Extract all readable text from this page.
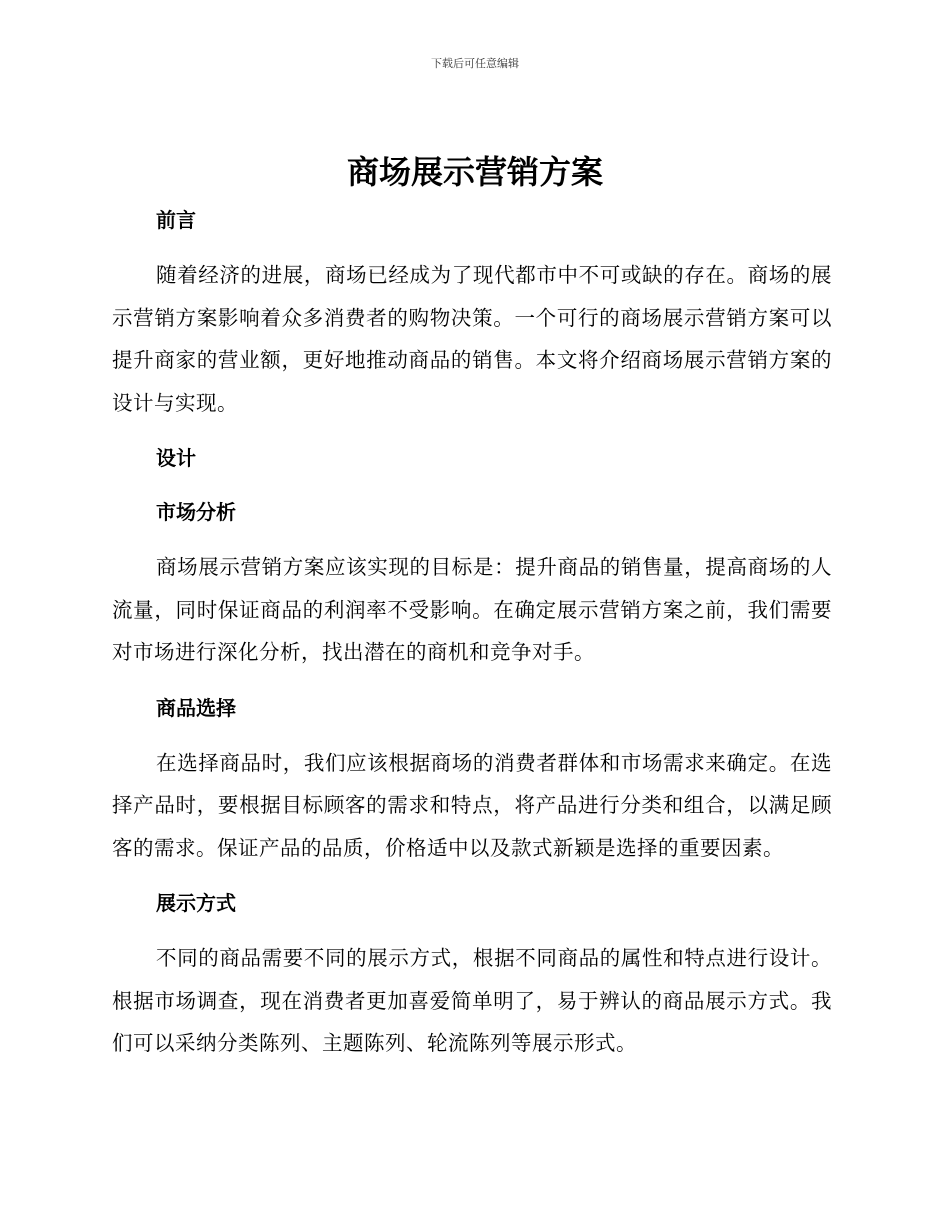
下载后可任意编辑
商场展示营销方案
前言

随着经济的进展，商场已经成为了现代都市中不可或缺的存在。商场的展示营销方案影响着众多消费者的购物决策。一个可行的商场展示营销方案可以提升商家的营业额，更好地推动商品的销售。本文将介绍商场展示营销方案的设计与实现。

设计
市场分析

商场展示营销方案应该实现的目标是：提升商品的销售量，提高商场的人流量，同时保证商品的利润率不受影响。在确定展示营销方案之前，我们需要对市场进行深化分析，找出潜在的商机和竞争对手。

商品选择

在选择商品时，我们应该根据商场的消费者群体和市场需求来确定。在选择产品时，要根据目标顾客的需求和特点，将产品进行分类和组合，以满足顾客的需求。保证产品的品质，价格适中以及款式新颖是选择的重要因素。

展示方式

不同的商品需要不同的展示方式，根据不同商品的属性和特点进行设计。根据市场调查，现在消费者更加喜爱简单明了，易于辨认的商品展示方式。我们可以采纳分类陈列、主题陈列、轮流陈列等展示形式。
